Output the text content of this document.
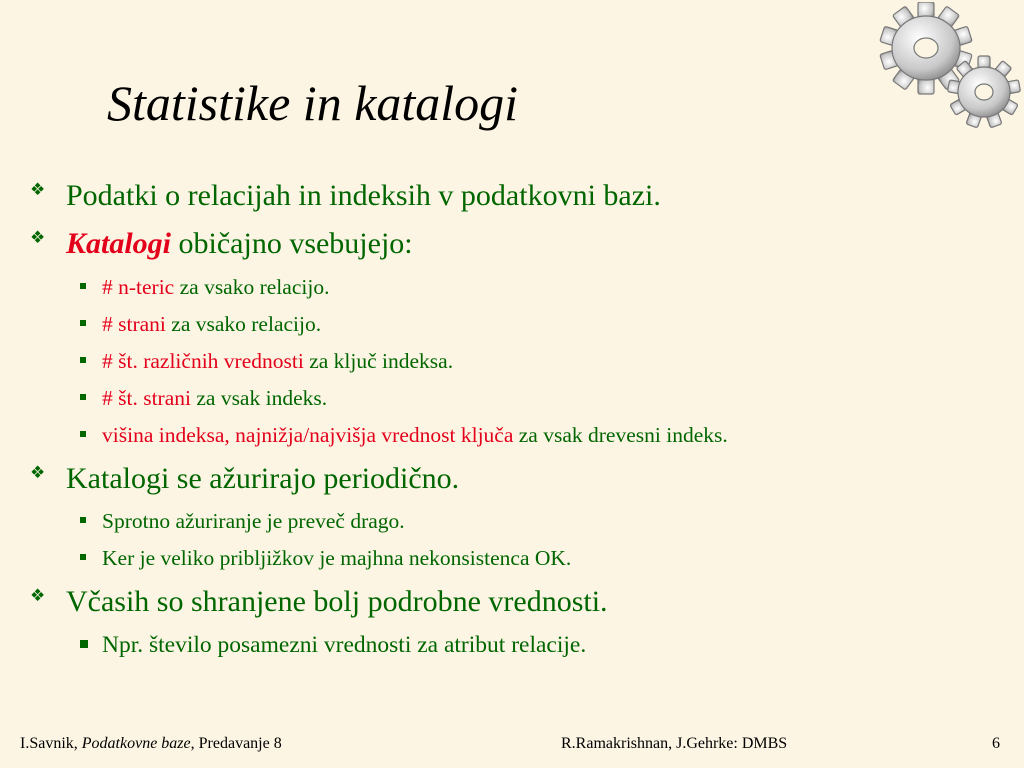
Statistike in katalogi
❖ Podatki o relacijah in indeksih v podatkovni bazi.
❖ Katalogi običajno vsebujejo:
# n-teric za vsako relacijo.
# strani za vsako relacijo.
# št. različnih vrednosti za ključ indeksa.
# št. strani za vsak indeks.
višina indeksa, najnižja/najvišja vrednost ključa za vsak drevesni indeks.
❖ Katalogi se ažurirajo periodično.
Sprotno ažuriranje je preveč drago.
Ker je veliko pribljižkov je majhna nekonsistenca OK.
❖ Včasih so shranjene bolj podrobne vrednosti.
Npr. število posamezni vrednosti za atribut relacije.
I.Savnik, Podatkovne baze, Predavanje 8	R.Ramakrishnan, J.Gehrke: DMBS	6
